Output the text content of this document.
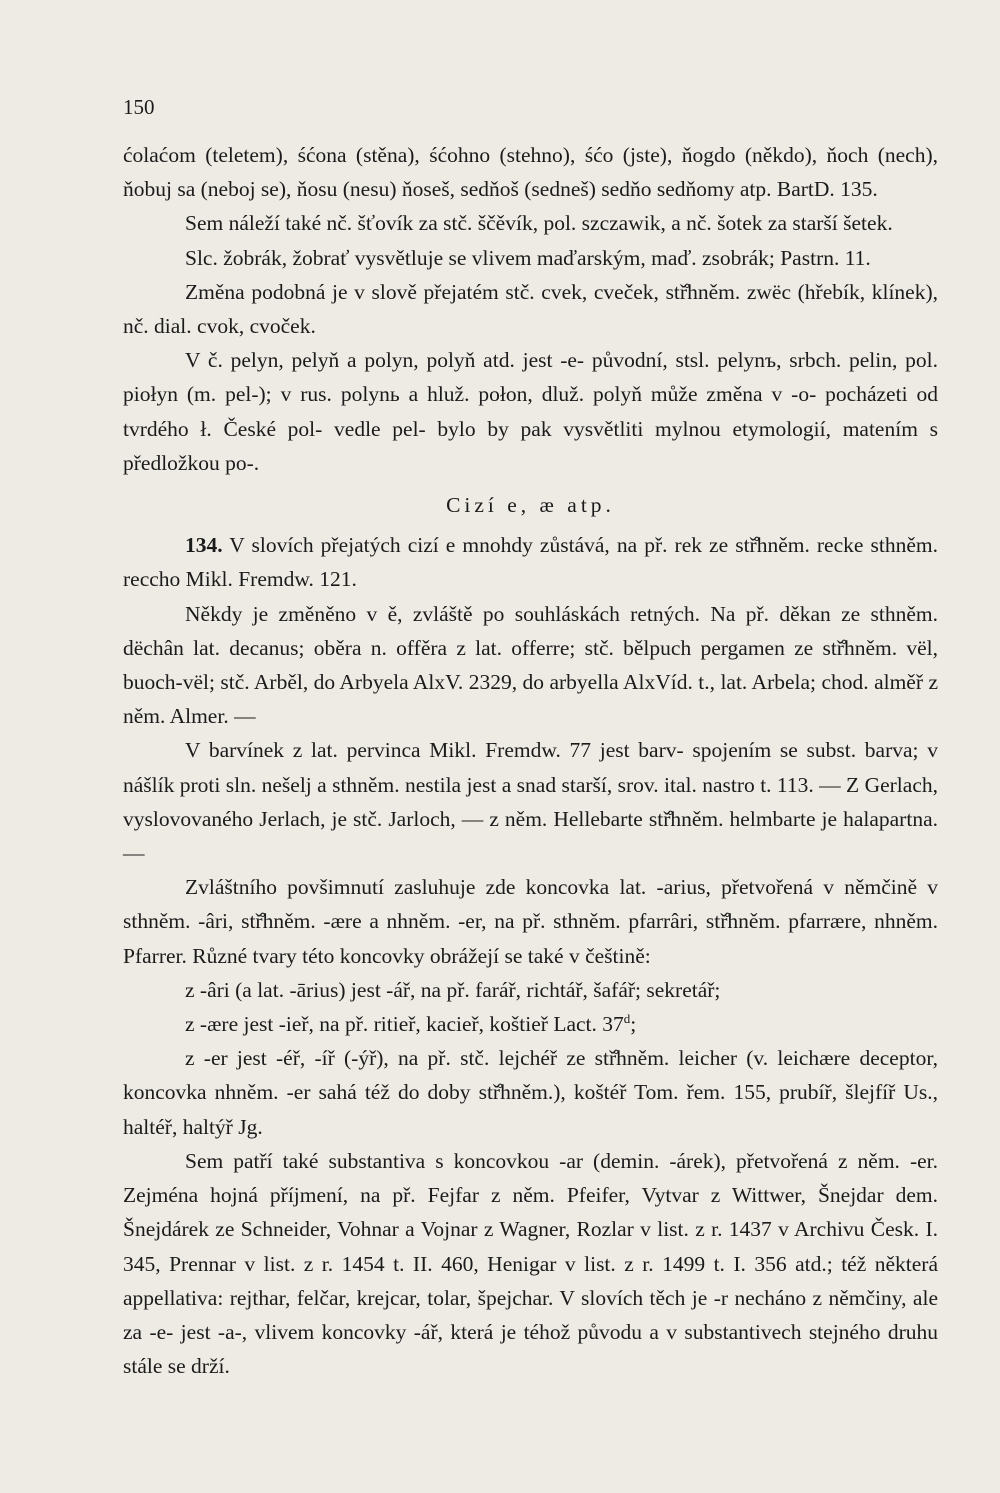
150

ćolaćom (teletem), śćona (stěna), śćohno (stehno), śćo (jste), ňogdo (někdo), ňoch (nech), ňobuj sa (neboj se), ňosu (nesu) ňoseš, sedňoš (sedneš) sedňo sedňomy atp. BartD. 135.

Sem náleží také nč. šťovík za stč. ščěvík, pol. szczawik, a nč. šotek za starší šetek.

Slc. žobrák, žobrať vysvětluje se vlivem maďarským, maď. zsobrák; Pastrn. 11.

Změna podobná je v slově přejatém stč. cvek, cveček, stř̊hněm. zwëc (hřebík, klínek), nč. dial. cvok, cvoček.

V č. pelyn, pelyň a polyn, polyň atd. jest -e- původní, stsl. pelynъ, srbch. pelin, pol. piołyn (m. pel-); v rus. polynь a hluž. połon, dluž. polyň může změna v -o- pocházeti od tvrdého ł. České pol- vedle pel- bylo by pak vysvětliti mylnou etymologií, matením s předložkou po-.

Cizí e, æ atp.

134. V slovích přejatých cizí e mnohdy zůstává, na př. rek ze stř̊hněm. recke sthněm. reccho Mikl. Fremdw. 121.

Někdy je změněno v ě, zvláště po souhláskách retných. Na př. děkan ze sthněm. dëchân lat. decanus; oběra n. offěra z lat. offerre; stč. bělpuch pergamen ze stř̊hněm. vël, buoch-vël; stč. Arběl, do Arbyela AlxV. 2329, do arbyella AlxVíd. t., lat. Arbela; chod. alměř z něm. Almer. —

V barvínek z lat. pervinca Mikl. Fremdw. 77 jest barv- spojením se subst. barva; v nášlík proti sln. nešelj a sthněm. nestila jest a snad starší, srov. ital. nastro t. 113. — Z Gerlach, vyslovovaného Jerlach, je stč. Jarloch, — z něm. Hellebarte stř̊hněm. helmbarte je halapartna. —

Zvláštního povšimnutí zasluhuje zde koncovka lat. -arius, přetvořená v němčině v sthněm. -âri, stř̊hněm. -ære a nhněm. -er, na př. sthněm. pfarrâri, stř̊hněm. pfarrære, nhněm. Pfarrer. Různé tvary této koncovky obrážejí se také v češtině:

z -âri (a lat. -ārius) jest -ář, na př. farář, richtář, šafář; sekretář;

z -ære jest -ieř, na př. ritieř, kacieř, koštieř Lact. 37$^d$;

z -er jest -éř, -íř (-ýř), na př. stč. lejchéř ze stř̊hněm. leicher (v. leichære deceptor, koncovka nhněm. -er sahá též do doby stř̊hněm.), koštéř Tom. řem. 155, prubíř, šlejfíř Us., haltéř, haltýř Jg.

Sem patří také substantiva s koncovkou -ar (demin. -árek), přetvořená z něm. -er. Zejména hojná příjmení, na př. Fejfar z něm. Pfeifer, Vytvar z Wittwer, Šnejdar dem. Šnejdárek ze Schneider, Vohnar a Vojnar z Wagner, Rozlar v list. z r. 1437 v Archivu Česk. I. 345, Prennar v list. z r. 1454 t. II. 460, Henigar v list. z r. 1499 t. I. 356 atd.; též některá appellativa: rejthar, felčar, krejcar, tolar, špejchar. V slovích těch je -r necháno z němčiny, ale za -e- jest -a-, vlivem koncovky -ář, která je téhož původu a v substantivech stejného druhu stále se drží.
